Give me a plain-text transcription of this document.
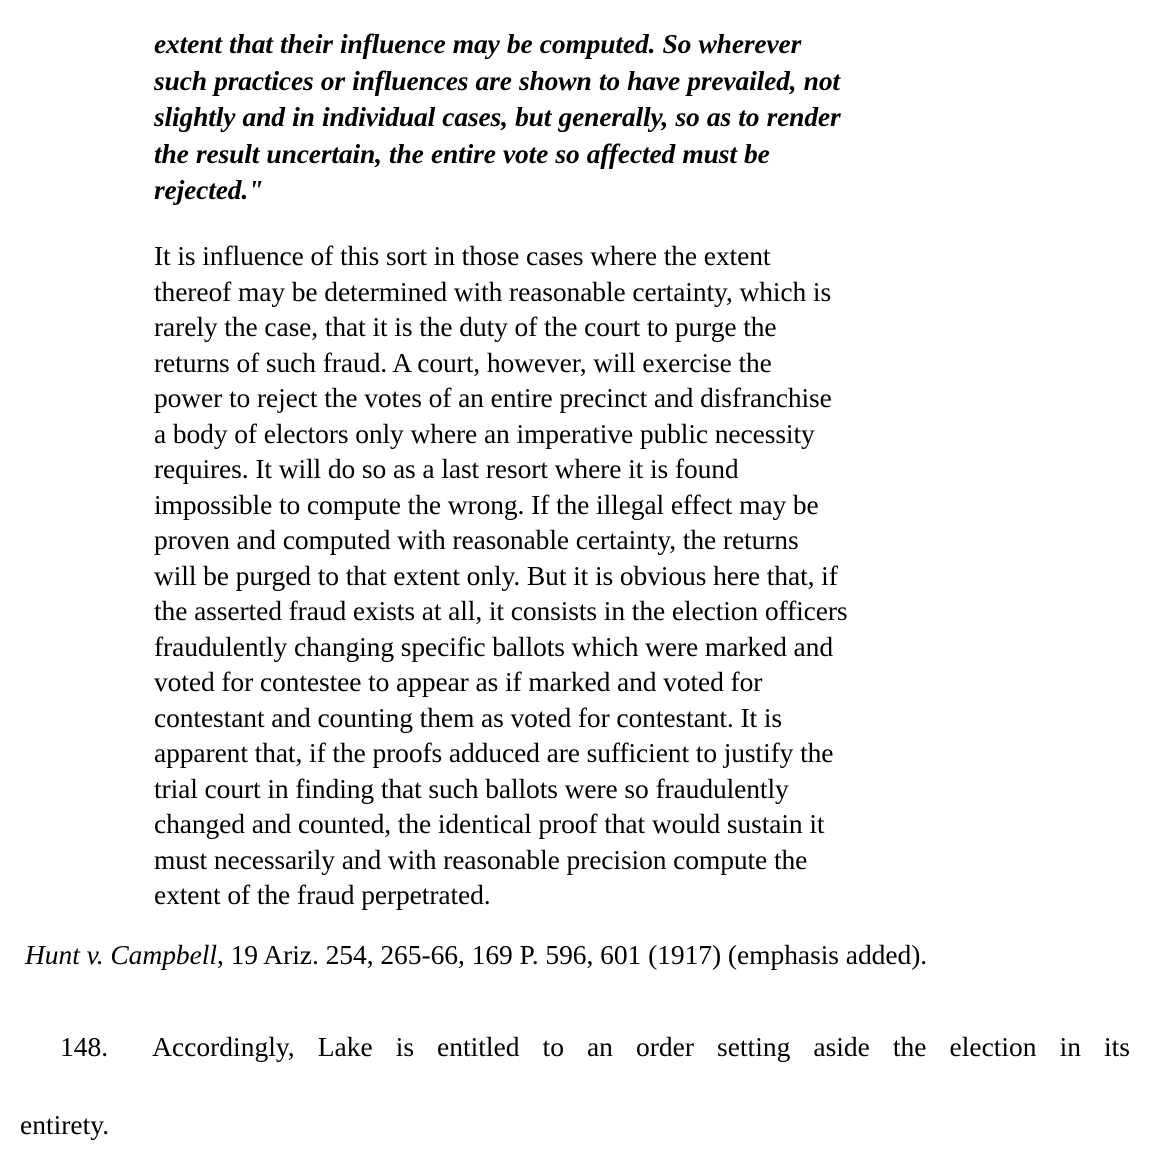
extent that their influence may be computed. So wherever

such practices or influences are shown to have prevailed, not

slightly and in individual cases, but generally, so as to render

the result uncertain, the entire vote so affected must be

rejected."

It is influence of this sort in those cases where the extent

thereof may be determined with reasonable certainty, which is

rarely the case, that it is the duty of the court to purge the

returns of such fraud. A court, however, will exercise the

power to reject the votes of an entire precinct and disfranchise

a body of electors only where an imperative public necessity

requires. It will do so as a last resort where it is found

impossible to compute the wrong. If the illegal effect may be

proven and computed with reasonable certainty, the returns

will be purged to that extent only. But it is obvious here that, if

the asserted fraud exists at all, it consists in the election officers

fraudulently changing specific ballots which were marked and

voted for contestee to appear as if marked and voted for

contestant and counting them as voted for contestant. It is

apparent that, if the proofs adduced are sufficient to justify the

trial court in finding that such ballots were so fraudulently

changed and counted, the identical proof that would sustain it

must necessarily and with reasonable precision compute the

extent of the fraud perpetrated.

Hunt v. Campbell, 19 Ariz. 254, 265-66, 169 P. 596, 601 (1917) (emphasis added).
148. Accordingly, Lake is entitled to an order setting aside the election in its
entirety.
